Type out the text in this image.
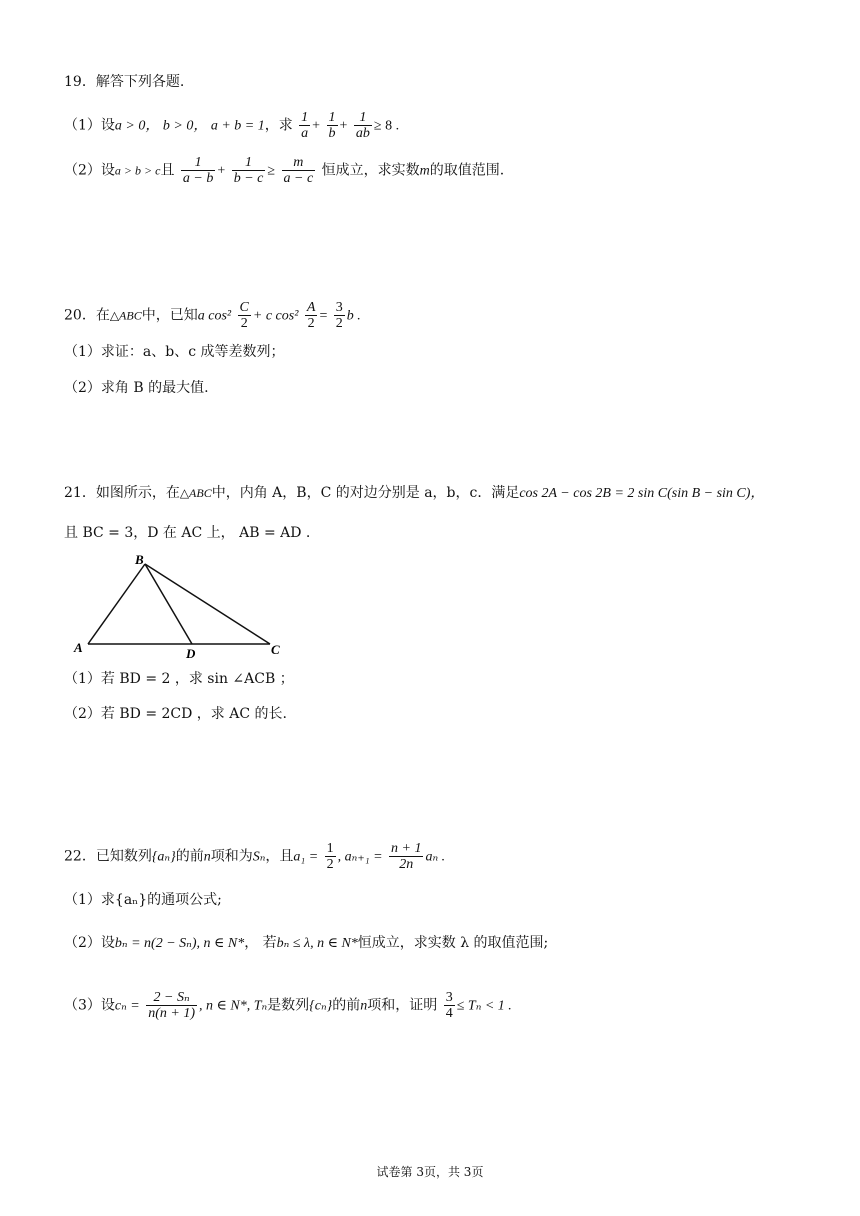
19．解答下列各题.
（1）设a > 0， b > 0， a + b = 1，求 $\frac{1}{a} + \frac{1}{b} + \frac{1}{ab} \ge 8$ .
（2）设a > b > c且 $\frac{1}{a - b} + \frac{1}{b - c} \ge \frac{m}{a - c}$ 恒成立，求实数m的取值范围.
20．在△ABC中，已知a $\cos^2 \frac{C}{2} + c$ $\cos^2 \frac{A}{2} = \frac{3}{2}$ b .
（1）求证：a、b、c 成等差数列；
（2）求角 B 的最大值.
21．如图所示，在△ABC中，内角 A，B，C 的对边分别是 a，b，c．满足cos 2A − cos 2B = 2 sin C(sin B − sin C)，
且 BC = 3，D 在 AC 上， AB = AD .
B
A	D	C
（1）若 BD = 2 ，求 sin ∠ACB ；
（2）若 BD = 2CD ，求 AC 的长.
22．已知数列{aₙ}的前n项和为Sₙ，且$a_1 = \frac{1}{2}$ , $a_{n+1} = \frac{n + 1}{2n}$ aₙ .
（1）求{aₙ}的通项公式;
（2）设bₙ = n(2 − Sₙ), n ∈ N*， 若bₙ ≤ λ, n ∈ N*恒成立，求实数 λ 的取值范围;
（3）设$c_n = \frac{\text{2 − Sₙ}}{n(n + 1)}$ , n ∈ N*, Tₙ是数列{cₙ}的前n项和，证明 $\frac{3}{4} \le T_n < 1$ .
试卷第 3页，共 3页
